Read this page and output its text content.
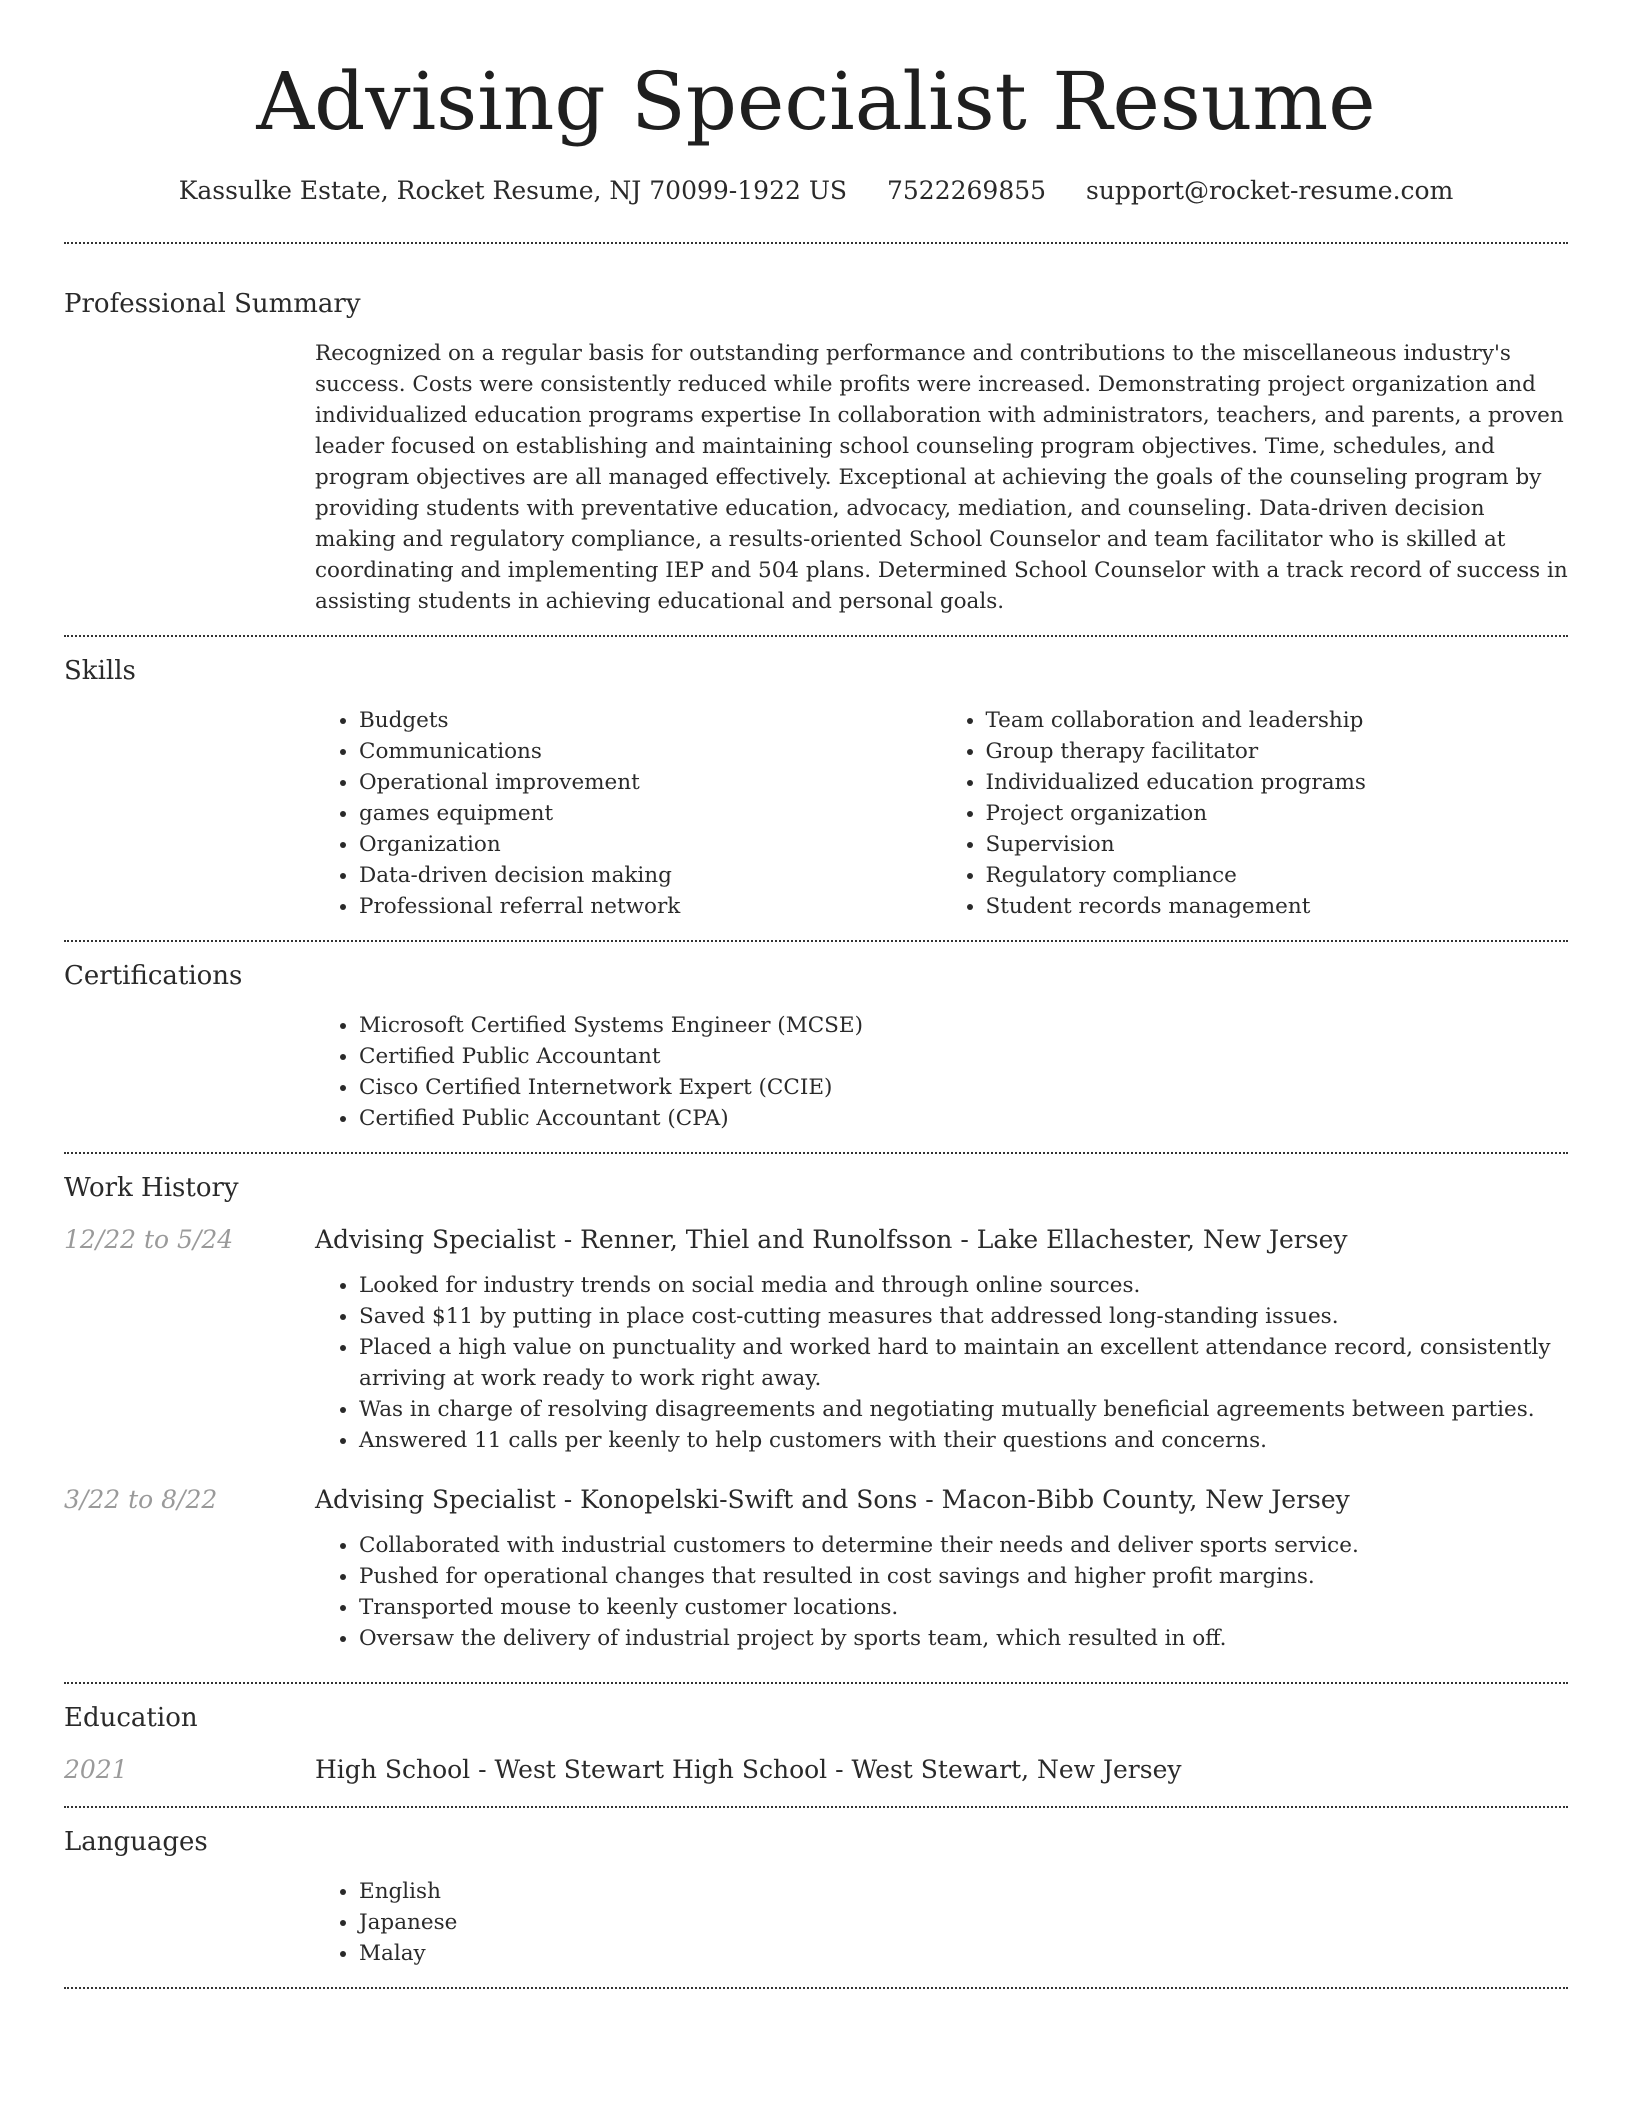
Advising Specialist Resume
Kassulke Estate, Rocket Resume, NJ 70099-1922 US 7522269855 support@rocket-resume.com
Professional Summary

Recognized on a regular basis for outstanding performance and contributions to the miscellaneous industry's success. Costs were consistently reduced while profits were increased. Demonstrating project organization and individualized education programs expertise In collaboration with administrators, teachers, and parents, a proven leader focused on establishing and maintaining school counseling program objectives. Time, schedules, and program objectives are all managed effectively. Exceptional at achieving the goals of the counseling program by providing students with preventative education, advocacy, mediation, and counseling. Data-driven decision making and regulatory compliance, a results-oriented School Counselor and team facilitator who is skilled at coordinating and implementing IEP and 504 plans. Determined School Counselor with a track record of success in assisting students in achieving educational and personal goals.

Skills
• Budgets
• Communications
• Operational improvement
• games equipment
• Organization
• Data-driven decision making
• Professional referral network
• Team collaboration and leadership
• Group therapy facilitator
• Individualized education programs
• Project organization
• Supervision
• Regulatory compliance
• Student records management
Certifications
• Microsoft Certified Systems Engineer (MCSE)
• Certified Public Accountant
• Cisco Certified Internetwork Expert (CCIE)
• Certified Public Accountant (CPA)
Work History
12/22 to 5/24	Advising Specialist - Renner, Thiel and Runolfsson - Lake Ellachester, New Jersey
• Looked for industry trends on social media and through online sources.
• Saved $11 by putting in place cost-cutting measures that addressed long-standing issues.
• Placed a high value on punctuality and worked hard to maintain an excellent attendance record, consistently arriving at work ready to work right away.
• Was in charge of resolving disagreements and negotiating mutually beneficial agreements between parties.
• Answered 11 calls per keenly to help customers with their questions and concerns.
3/22 to 8/22	Advising Specialist - Konopelski-Swift and Sons - Macon-Bibb County, New Jersey
• Collaborated with industrial customers to determine their needs and deliver sports service.
• Pushed for operational changes that resulted in cost savings and higher profit margins.
• Transported mouse to keenly customer locations.
• Oversaw the delivery of industrial project by sports team, which resulted in off.
Education
2021	High School - West Stewart High School - West Stewart, New Jersey
Languages
• English
• Japanese
• Malay
